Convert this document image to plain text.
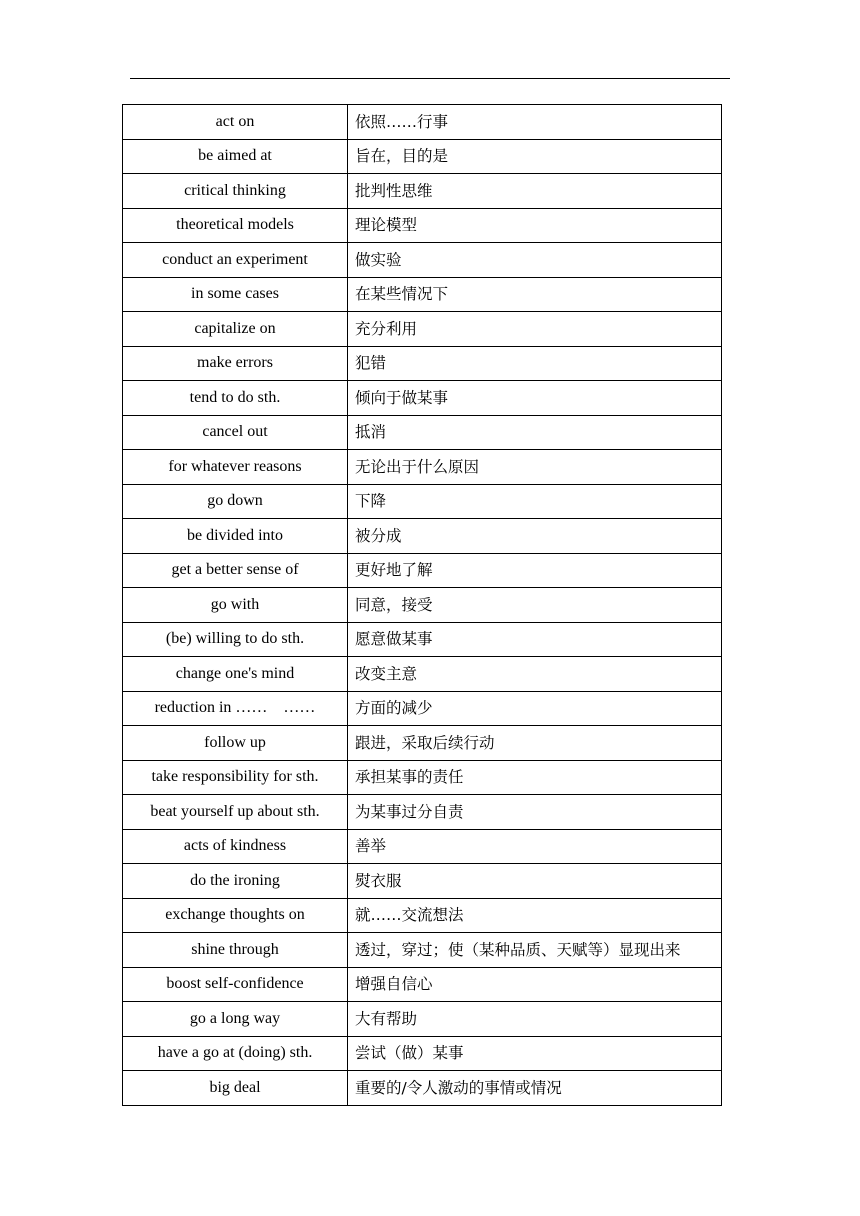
act on	依照……行事
be aimed at	旨在，目的是
critical thinking	批判性思维
theoretical models	理论模型
conduct an experiment	做实验
in some cases	在某些情况下
capitalize on	充分利用
make errors	犯错
tend to do sth.	倾向于做某事
cancel out	抵消
for whatever reasons	无论出于什么原因
go down	下降
be divided into	被分成
get a better sense of	更好地了解
go with	同意，接受
(be) willing to do sth.	愿意做某事
change one's mind	改变主意
reduction in ……　……	方面的减少
follow up	跟进，采取后续行动
take responsibility for sth.	承担某事的责任
beat yourself up about sth.	为某事过分自责
acts of kindness	善举
do the ironing	熨衣服
exchange thoughts on	就……交流想法
shine through	透过，穿过；使（某种品质、天赋等）显现出来
boost self-confidence	增强自信心
go a long way	大有帮助
have a go at (doing) sth.	尝试（做）某事
big deal	重要的/令人激动的事情或情况
